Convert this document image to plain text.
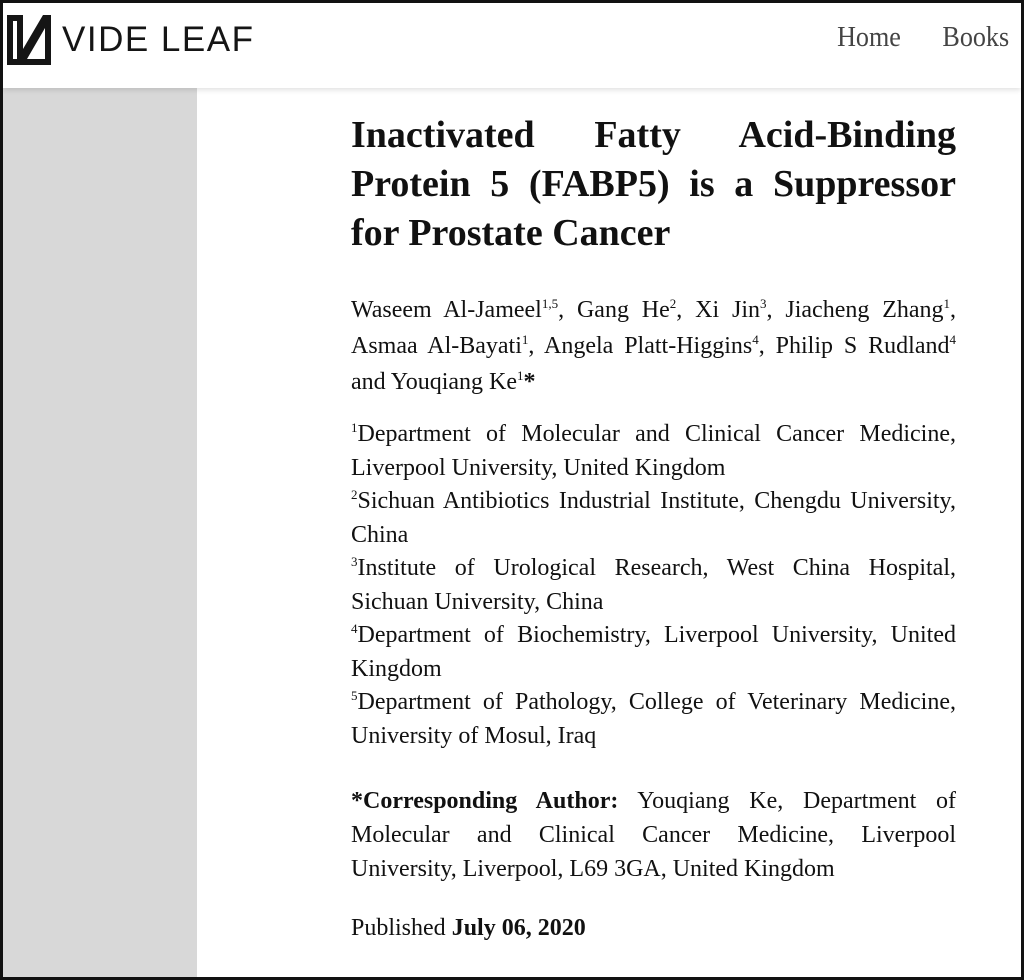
VIDE LEAF	Home Books
Inactivated Fatty Acid-Binding Protein 5 (FABP5) is a Suppressor for Prostate Cancer

Waseem Al-Jameel$^{1,5}$, Gang He$^2$, Xi Jin$^3$, Jiacheng Zhang$^1$, Asmaa Al-Bayati$^1$, Angela Platt-Higgins$^4$, Philip S Rudland$^4$ and Youqiang Ke$^1$*

$^1$Department of Molecular and Clinical Cancer Medicine, Liverpool University, United Kingdom
$^2$Sichuan Antibiotics Industrial Institute, Chengdu University, China
$^3$Institute of Urological Research, West China Hospital, Sichuan University, China
$^4$Department of Biochemistry, Liverpool University, United Kingdom
$^5$Department of Pathology, College of Veterinary Medicine, University of Mosul, Iraq
*Corresponding Author: Youqiang Ke, Department of Molecular and Clinical Cancer Medicine, Liverpool University, Liverpool, L69 3GA, United Kingdom
Published July 06, 2020
